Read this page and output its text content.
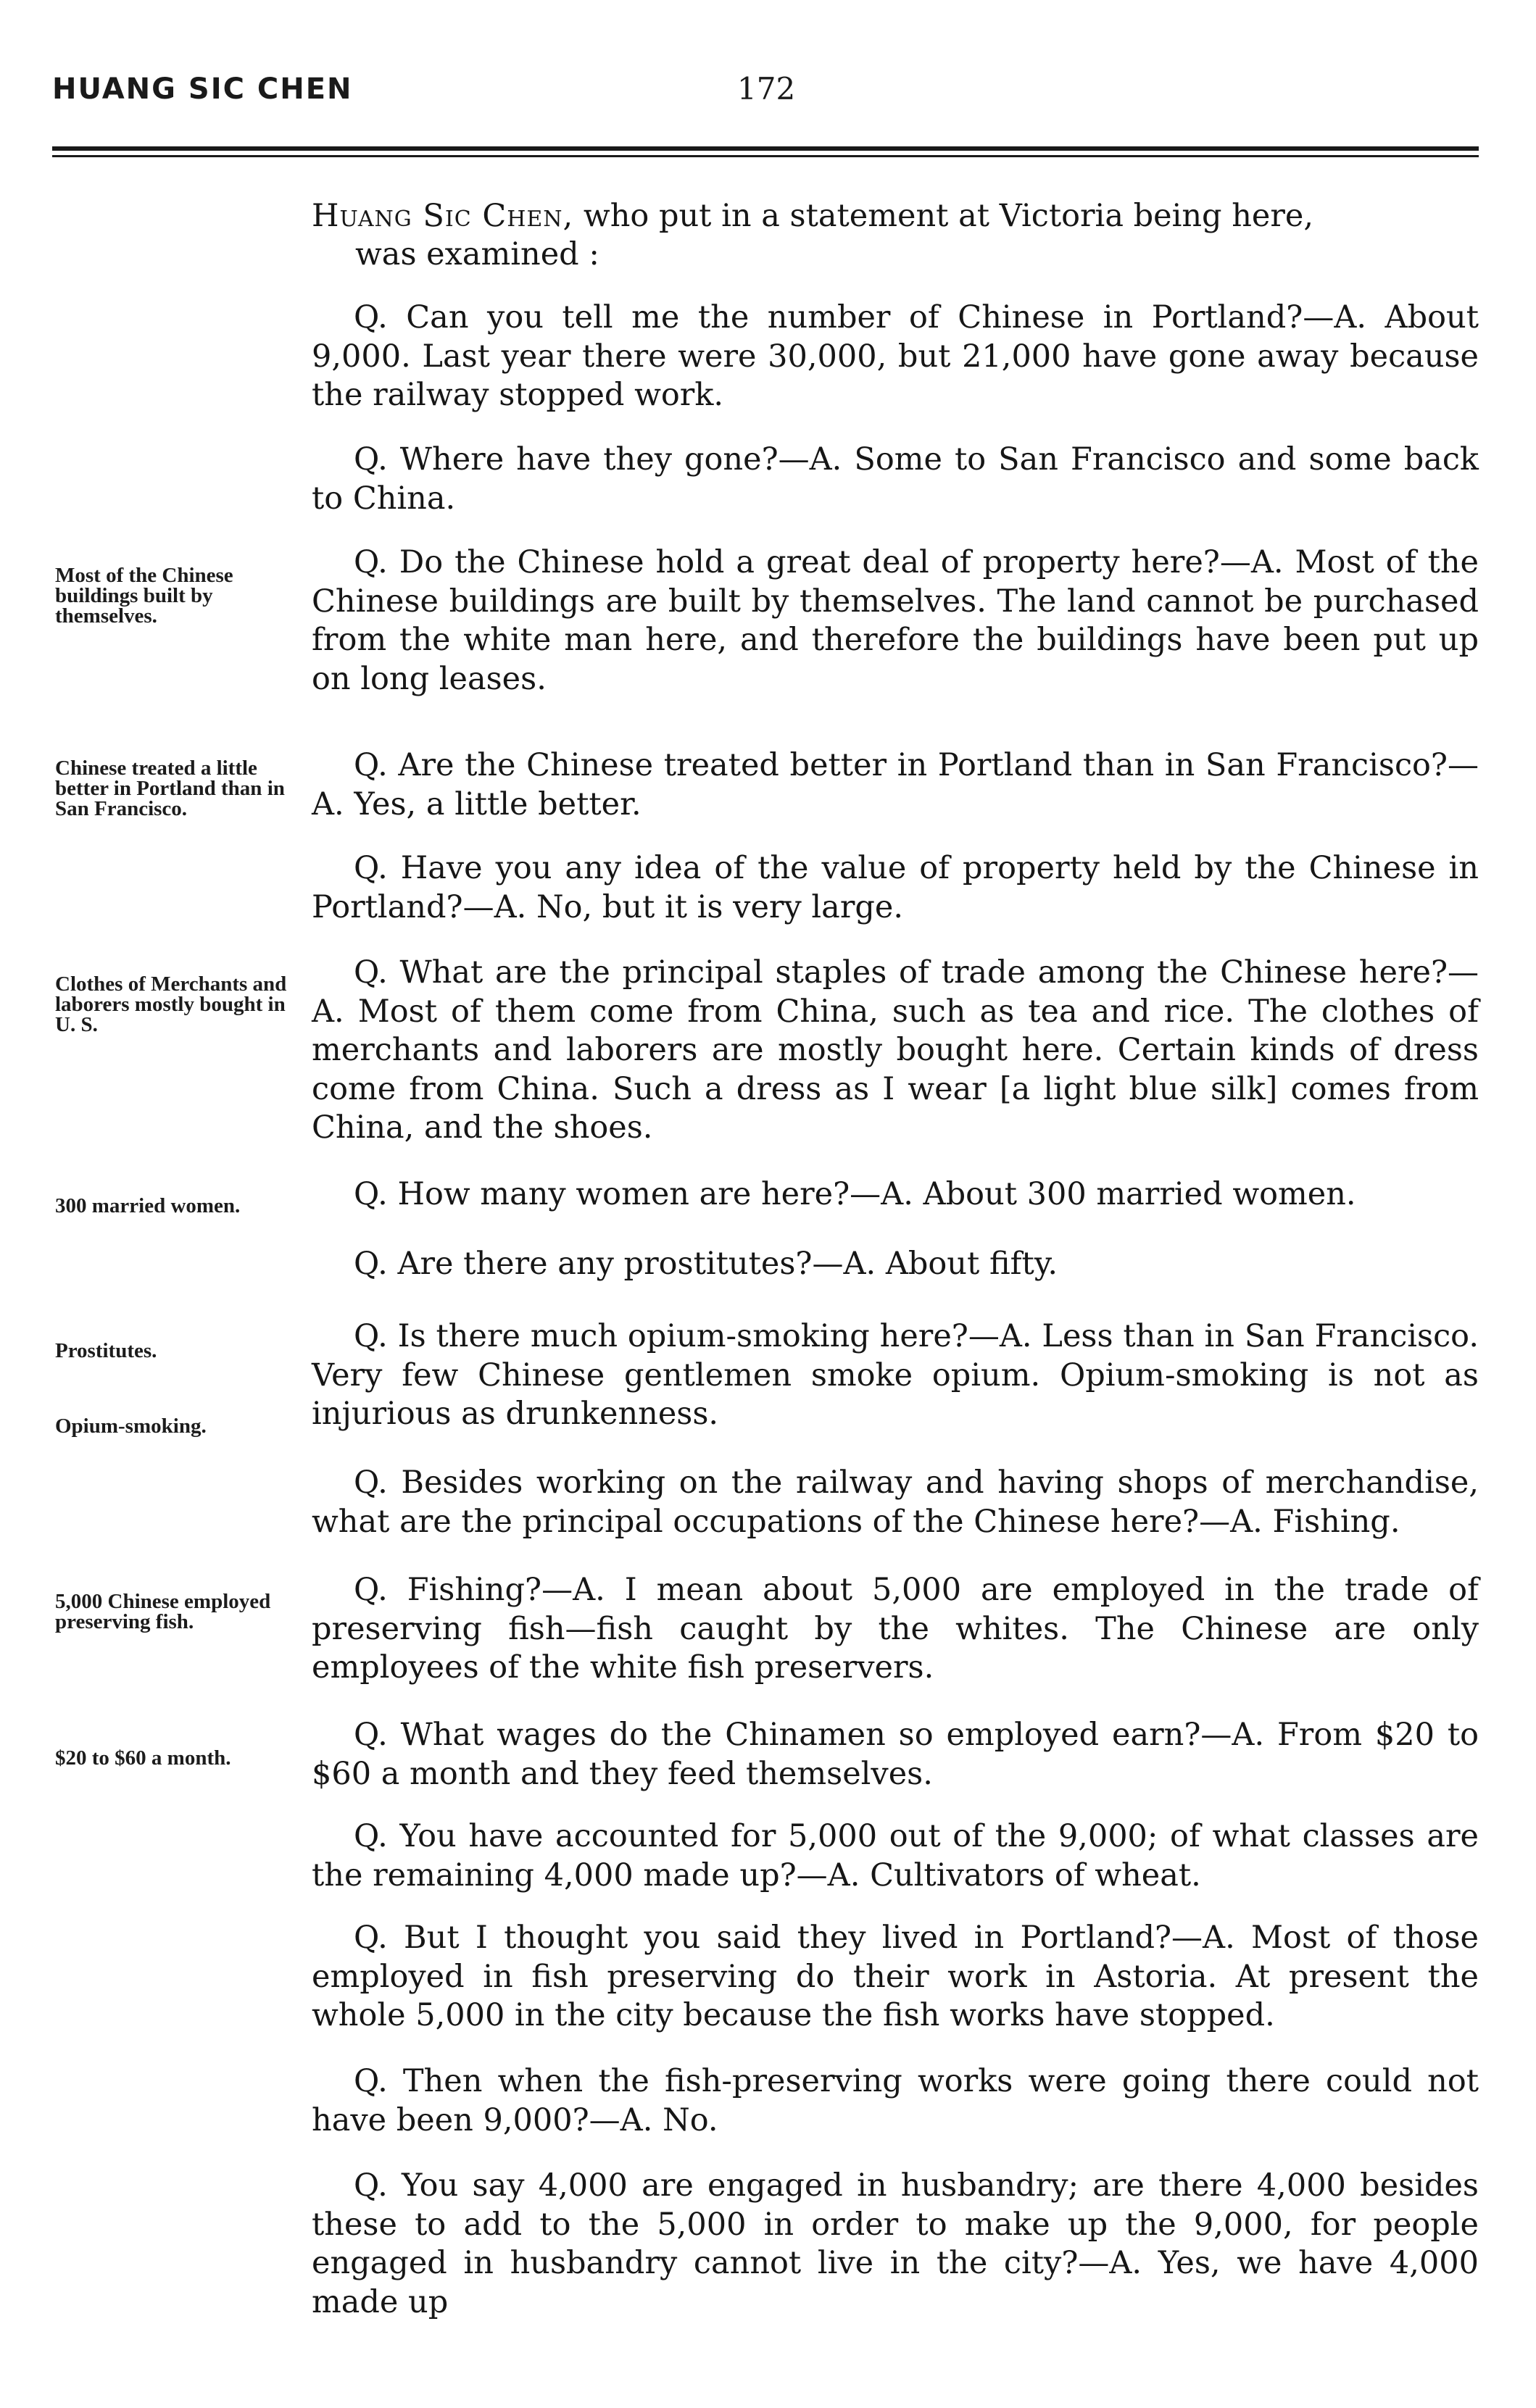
HUANG SIC CHEN	172
Huang Sic Chen, who put in a statement at Victoria being here,
was examined :

Q. Can you tell me the number of Chinese in Portland?—A. About 9,000. Last year there were 30,000, but 21,000 have gone away because the railway stopped work.

Q. Where have they gone?—A. Some to San Francisco and some back to China.

Q. Do the Chinese hold a great deal of property here?—A. Most of the Chinese buildings are built by themselves. The land cannot be purchased from the white man here, and therefore the buildings have been put up on long leases.

Q. Are the Chinese treated better in Portland than in San Francisco?—A. Yes, a little better.

Q. Have you any idea of the value of property held by the Chinese in Portland?—A. No, but it is very large.

Q. What are the principal staples of trade among the Chinese here?—A. Most of them come from China, such as tea and rice. The clothes of merchants and laborers are mostly bought here. Certain kinds of dress come from China. Such a dress as I wear [a light blue silk] comes from China, and the shoes.

Q. How many women are here?—A. About 300 married women.

Q. Are there any prostitutes?—A. About fifty.

Q. Is there much opium-smoking here?—A. Less than in San Francisco. Very few Chinese gentlemen smoke opium. Opium-smoking is not as injurious as drunkenness.

Q. Besides working on the railway and having shops of merchandise, what are the principal occupations of the Chinese here?—A. Fishing.

Q. Fishing?—A. I mean about 5,000 are employed in the trade of preserving fish—fish caught by the whites. The Chinese are only employees of the white fish preservers.

Q. What wages do the Chinamen so employed earn?—A. From $20 to $60 a month and they feed themselves.

Q. You have accounted for 5,000 out of the 9,000; of what classes are the remaining 4,000 made up?—A. Cultivators of wheat.

Q. But I thought you said they lived in Portland?—A. Most of those employed in fish preserving do their work in Astoria. At present the whole 5,000 in the city because the fish works have stopped.

Q. Then when the fish-preserving works were going there could not have been 9,000?—A. No.

Q. You say 4,000 are engaged in husbandry; are there 4,000 besides these to add to the 5,000 in order to make up the 9,000, for people engaged in husbandry cannot live in the city?—A. Yes, we have 4,000 made up

Most of the Chinese buildings built by themselves.
Chinese treated a little better in Portland than in San Francisco.
Clothes of Merchants and laborers mostly bought in U. S.
300 married women.
Prostitutes.
Opium-smoking.
5,000 Chinese employed preserving fish.
$20 to $60 a month.
